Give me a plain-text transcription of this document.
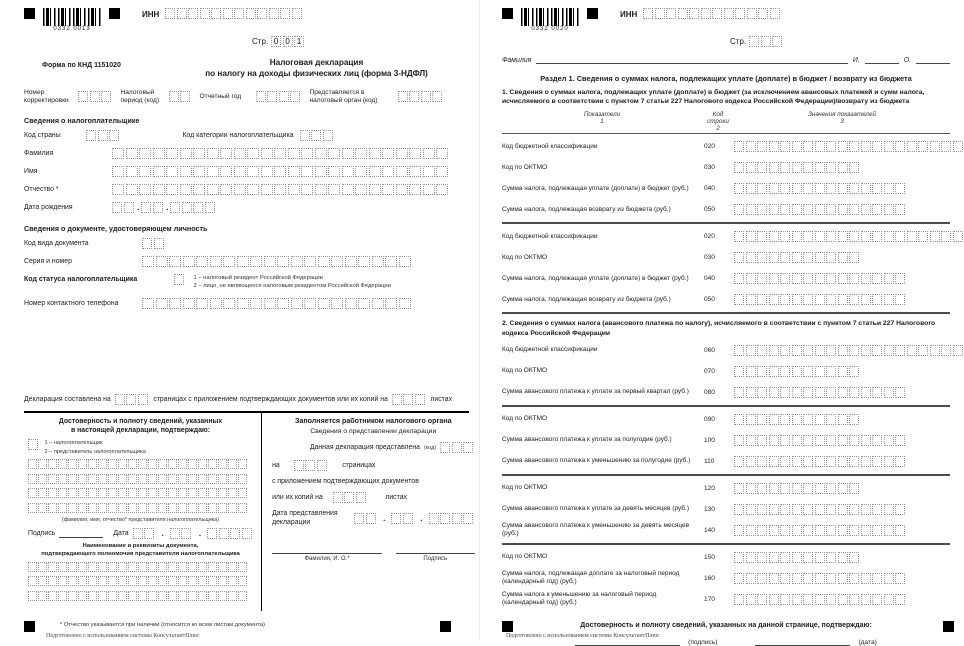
0332 0013
ИНН
Стр. 0 0 1
Форма по КНД 1151020	Налоговая декларация
по налогу на доходы физических лиц (форма 3-НДФЛ)
Номер корректировки
Налоговый период (код)
Отчетный год
Представляется в налоговый орган (код)
Сведения о налогоплательщике
Код страны	Код категории налогоплательщика
Фамилия
Имя
Отчество *
Дата рождения	.	.
Сведения о документе, удостоверяющем личность
Код вида документа
Серия и номер
Код статуса налогоплательщика	1 – налоговый резидент Российской Федерации
2 – лицо, не являющееся налоговым резидентом Российской Федерации
Номер контактного телефона
Декларация составлена на	страницах с приложением подтверждающих документов или их копий на	листах
Достоверность и полноту сведений, указанных
в настоящей декларации, подтверждаю:
1 – налогоплательщик
2 – представитель налогоплательщика
(фамилия, имя, отчество* представителя налогоплательщика)
Подпись	Дата	.	.
Наименование и реквизиты документа,
подтверждающего полномочия представителя налогоплательщика
Заполняется работником налогового органа
Сведения о представлении декларации
Данная декларация представлена (код)
на	страницах
с приложением подтверждающих документов
или их копий на	листах
Дата представления декларации	.	.
Фамилия, И. О.*	Подпись
* Отчество указывается при наличии (относится ко всем листам документа)
Подготовлено с использованием системы КонсультантПлюс
0332 0020
ИНН
Стр.
Фамилия	И.	О.
Раздел 1. Сведения о суммах налога, подлежащих уплате (доплате) в бюджет / возврату из бюджета
1. Сведения о суммах налога, подлежащих уплате (доплате) в бюджет (за исключением авансовых платежей и сумм налога, исчисляемого в соответствии с пунктом 7 статьи 227 Налогового кодекса Российской Федерации)/возврату из бюджета
Показатели
1
Код строки
2
Значения показателей
3
Код бюджетной классификации	020
Код по ОКТМО	030
Сумма налога, подлежащая уплате (доплате) в бюджет (руб.)	040
Сумма налога, подлежащая возврату из бюджета (руб.)	050
Код бюджетной классификации	020
Код по ОКТМО	030
Сумма налога, подлежащая уплате (доплате) в бюджет (руб.)	040
Сумма налога, подлежащая возврату из бюджета (руб.)	050
2. Сведения о суммах налога (авансового платежа по налогу), исчисляемого в соответствии с пунктом 7 статьи 227 Налогового кодекса Российской Федерации
Код бюджетной классификации	060
Код по ОКТМО	070
Сумма авансового платежа к уплате за первый квартал (руб.)	080
Код по ОКТМО	090
Сумма авансового платежа к уплате за полугодие (руб.)	100
Сумма авансового платежа к уменьшению за полугодие (руб.)	110
Код по ОКТМО	120
Сумма авансового платежа к уплате за девять месяцев (руб.)	130
Сумма авансового платежа к уменьшению за девять месяцев (руб.)	140
Код по ОКТМО	150
Сумма налога, подлежащая доплате за налоговый период (календарный год) (руб.)	160
Сумма налога к уменьшению за налоговый период (календарный год) (руб.)	170
Достоверность и полноту сведений, указанных на данной странице, подтверждаю:
(подпись)	(дата)
Подготовлено с использованием системы КонсультантПлюс
